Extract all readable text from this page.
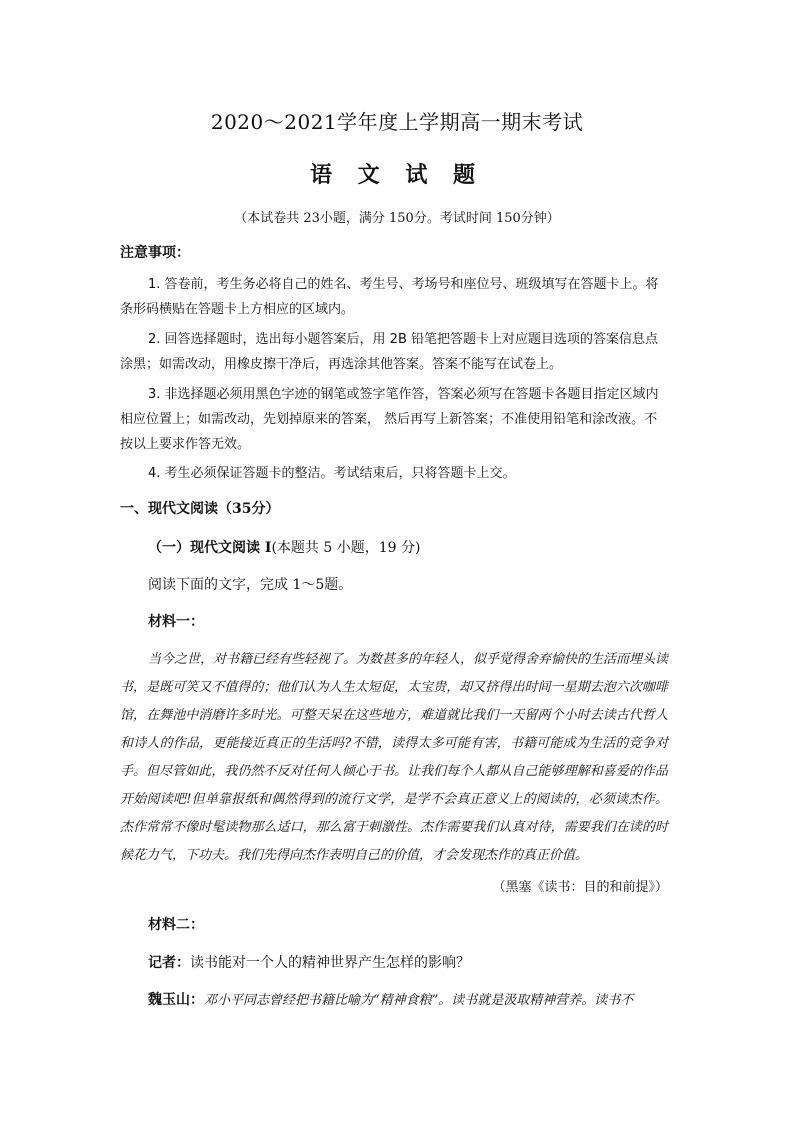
2020～2021学年度上学期高一期末考试
语 文 试 题
（本试卷共 23小题，满分 150分。考试时间 150分钟）
注意事项：
1. 答卷前，考生务必将自己的姓名、考生号、考场号和座位号、班级填写在答题卡上。将条形码横贴在答题卡上方相应的区域内。
2. 回答选择题时，选出每小题答案后，用 2B 铅笔把答题卡上对应题目选项的答案信息点涂黑；如需改动，用橡皮擦干净后，再选涂其他答案。答案不能写在试卷上。
3. 非选择题必须用黑色字迹的钢笔或签字笔作答，答案必须写在答题卡各题目指定区域内相应位置上；如需改动，先划掉原来的答案， 然后再写上新答案；不准使用铅笔和涂改液。不按以上要求作答无效。
4. 考生必须保证答题卡的整洁。考试结束后，只将答题卡上交。
一、现代文阅读（35分）
（一）现代文阅读 I(本题共 5 小题，19 分)
阅读下面的文字，完成 1～5题。
材料一：
当今之世，对书籍已经有些轻视了。为数甚多的年轻人，似乎觉得舍弃愉快的生活而埋头读书，是既可笑又不值得的；他们认为人生太短促，太宝贵，却又挤得出时间一星期去泡六次咖啡馆，在舞池中消磨许多时光。可整天呆在这些地方，难道就比我们一天留两个小时去读古代哲人和诗人的作品，更能接近真正的生活吗?不错，读得太多可能有害，书籍可能成为生活的竞争对手。但尽管如此，我仍然不反对任何人倾心于书。让我们每个人都从自己能够理解和喜爱的作品开始阅读吧!但单靠报纸和偶然得到的流行文学，是学不会真正意义上的阅读的，必须读杰作。杰作常常不像时髦读物那么适口，那么富于刺激性。杰作需要我们认真对待，需要我们在读的时候花力气，下功夫。我们先得向杰作表明自己的价值，才会发现杰作的真正价值。
（黑塞《读书：目的和前提》）
材料二：
记者：读书能对一个人的精神世界产生怎样的影响？
魏玉山：邓小平同志曾经把书籍比喻为“精神食粮”。读书就是汲取精神营养。读书不
